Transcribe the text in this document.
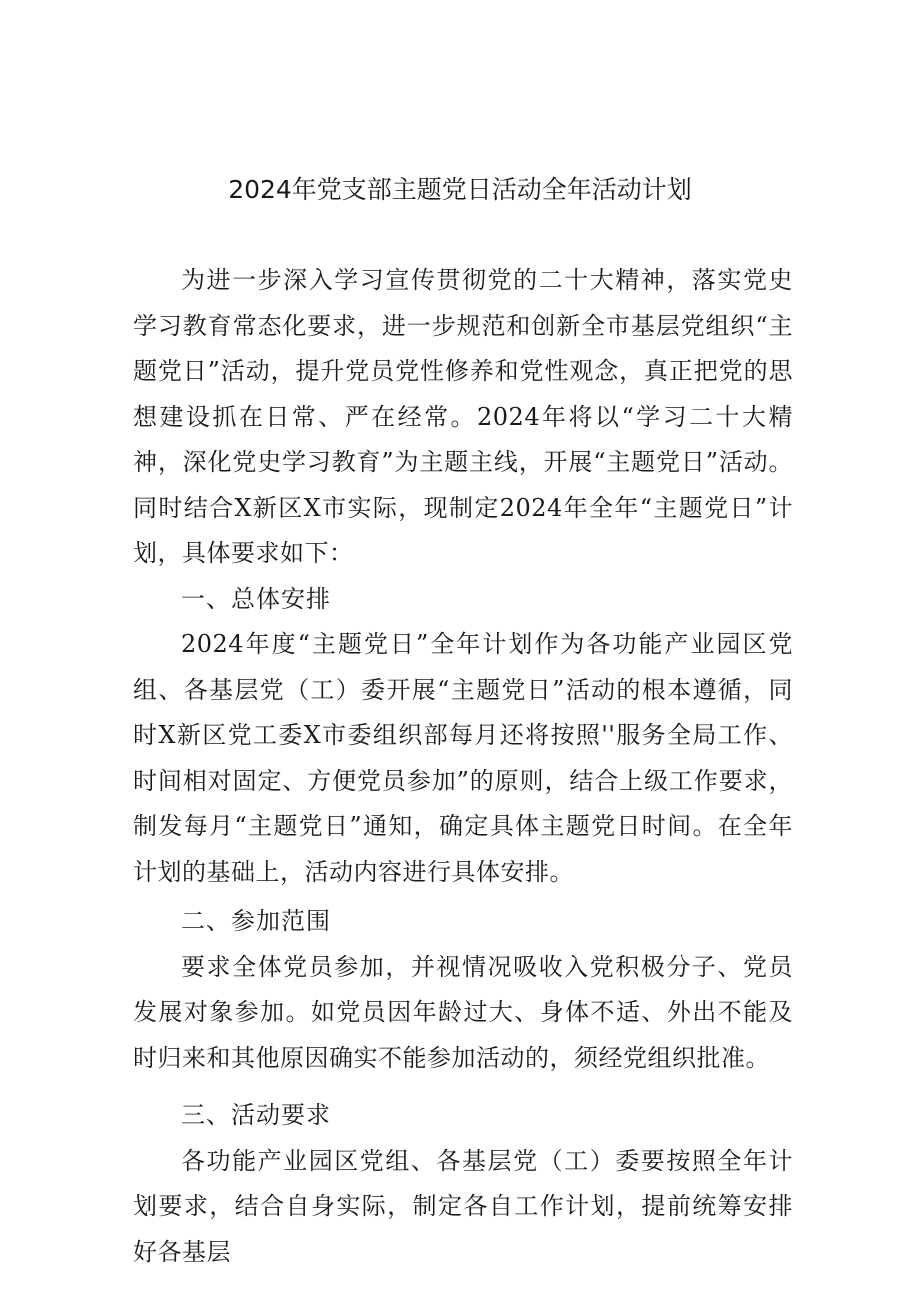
2024年党支部主题党日活动全年活动计划

为进一步深入学习宣传贯彻党的二十大精神，落实党史学习教育常态化要求，进一步规范和创新全市基层党组织“主题党日”活动，提升党员党性修养和党性观念，真正把党的思想建设抓在日常、严在经常。2024年将以“学习二十大精神，深化党史学习教育”为主题主线，开展“主题党日”活动。同时结合X新区X市实际，现制定2024年全年“主题党日”计划，具体要求如下：

一、总体安排

2024年度“主题党日”全年计划作为各功能产业园区党组、各基层党（工）委开展“主题党日”活动的根本遵循，同时X新区党工委X市委组织部每月还将按照''服务全局工作、时间相对固定、方便党员参加”的原则，结合上级工作要求，制发每月“主题党日”通知，确定具体主题党日时间。在全年计划的基础上，活动内容进行具体安排。

二、参加范围

要求全体党员参加，并视情况吸收入党积极分子、党员发展对象参加。如党员因年龄过大、身体不适、外出不能及时归来和其他原因确实不能参加活动的，须经党组织批准。

三、活动要求

各功能产业园区党组、各基层党（工）委要按照全年计划要求，结合自身实际，制定各自工作计划，提前统筹安排好各基层
